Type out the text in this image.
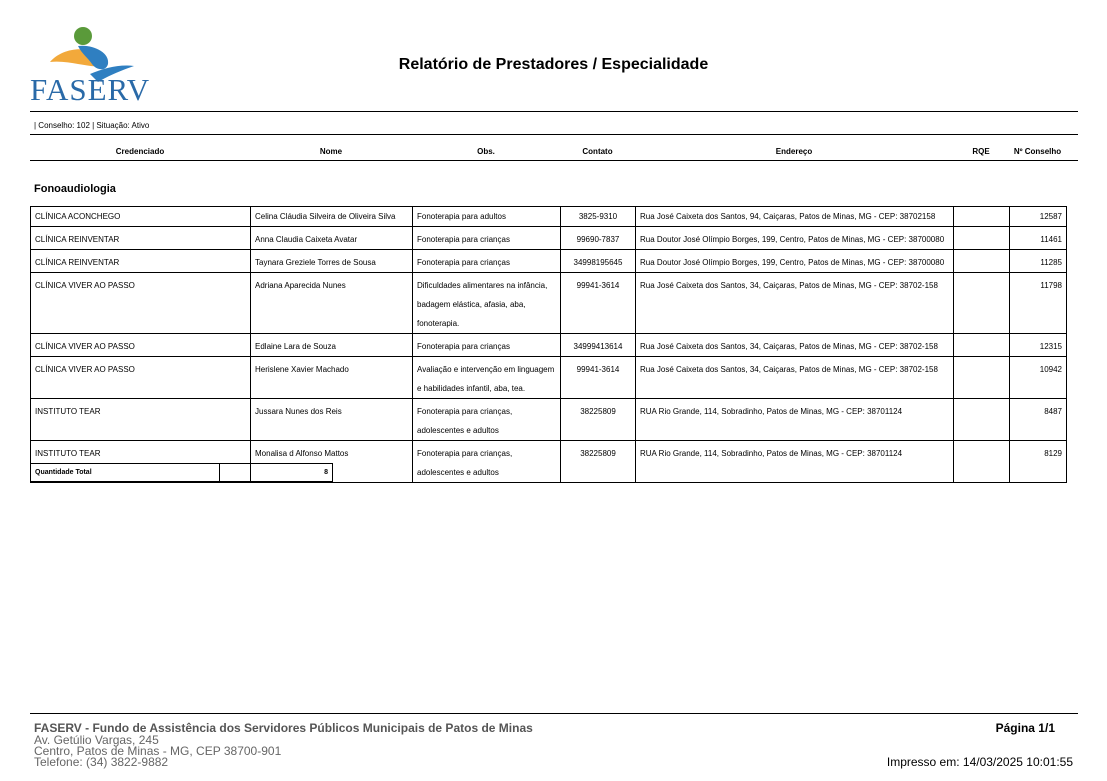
FASERV
Relatório de Prestadores / Especialidade
| Conselho: 102 | Situação: Ativo
Credenciado	Nome	Obs.	Contato	Endereço	RQE	Nº Conselho
Fonoaudiologia
CLÍNICA ACONCHEGO	Celina Cláudia Silveira de Oliveira Silva	Fonoterapia para adultos	3825-9310	Rua José Caixeta dos Santos, 94, Caiçaras, Patos de Minas, MG - CEP: 38702158		12587
CLÍNICA REINVENTAR	Anna Claudia Caixeta Avatar	Fonoterapia para crianças	99690-7837	Rua Doutor José Olímpio Borges, 199, Centro, Patos de Minas, MG - CEP: 38700080		11461
CLÍNICA REINVENTAR	Taynara Greziele Torres de Sousa	Fonoterapia para crianças	34998195645	Rua Doutor José Olímpio Borges, 199, Centro, Patos de Minas, MG - CEP: 38700080		11285
CLÍNICA VIVER AO PASSO	Adriana Aparecida Nunes	Dificuldades alimentares na infância, badagem elástica, afasia, aba, fonoterapia.	99941-3614	Rua José Caixeta dos Santos, 34, Caiçaras, Patos de Minas, MG - CEP: 38702-158		11798
CLÍNICA VIVER AO PASSO	Edlaine Lara de Souza	Fonoterapia para crianças	34999413614	Rua José Caixeta dos Santos, 34, Caiçaras, Patos de Minas, MG - CEP: 38702-158		12315
CLÍNICA VIVER AO PASSO	Herislene Xavier Machado	Avaliação e intervenção em linguagem e habilidades infantil, aba, tea.	99941-3614	Rua José Caixeta dos Santos, 34, Caiçaras, Patos de Minas, MG - CEP: 38702-158		10942
INSTITUTO TEAR	Jussara Nunes dos Reis	Fonoterapia para crianças, adolescentes e adultos	38225809	RUA Rio Grande, 114, Sobradinho, Patos de Minas, MG - CEP: 38701124		8487
INSTITUTO TEAR	Monalisa d Alfonso Mattos	Fonoterapia para crianças, adolescentes e adultos	38225809	RUA Rio Grande, 114, Sobradinho, Patos de Minas, MG - CEP: 38701124		8129
Quantidade Total	8
FASERV - Fundo de Assistência dos Servidores Públicos Municipais de Patos de Minas
Av. Getúlio Vargas, 245
Centro, Patos de Minas - MG, CEP 38700-901
Telefone: (34) 3822-9882
Página 1/1
Impresso em: 14/03/2025 10:01:55
